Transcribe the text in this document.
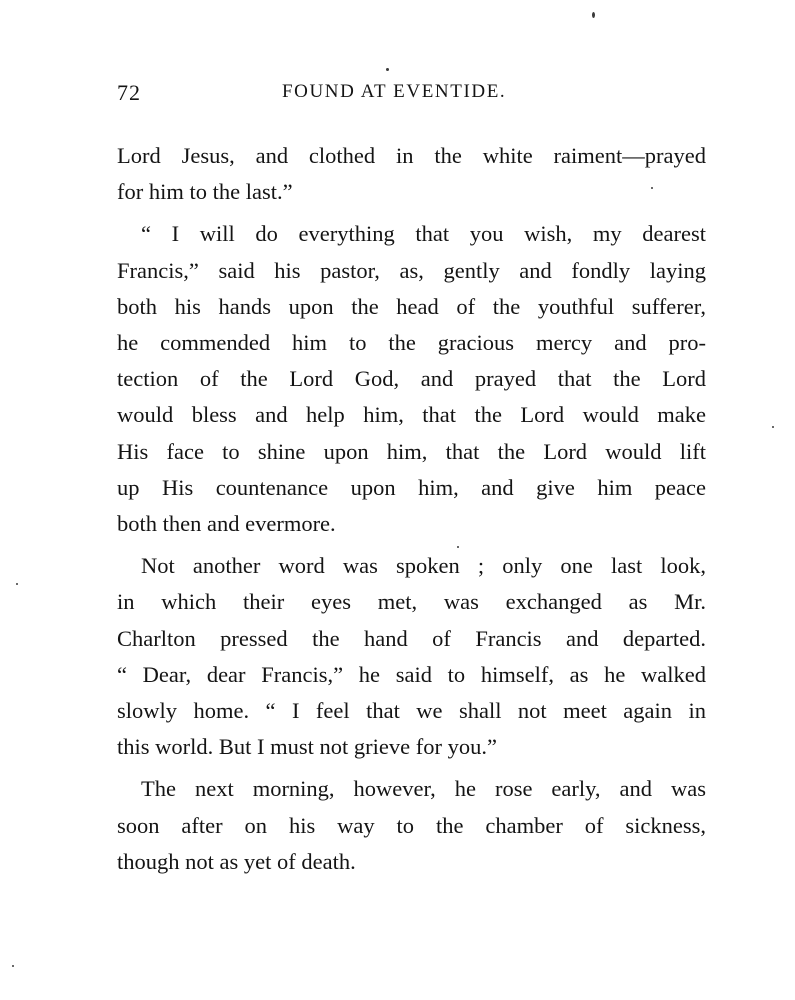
72	FOUND AT EVENTIDE.

Lord Jesus, and clothed in the white raiment—prayed
for him to the last.”

“ I will do everything that you wish, my dearest
Francis,” said his pastor, as, gently and fondly laying
both his hands upon the head of the youthful sufferer,
he commended him to the gracious mercy and pro-
tection of the Lord God, and prayed that the Lord
would bless and help him, that the Lord would make
His face to shine upon him, that the Lord would lift
up His countenance upon him, and give him peace
both then and evermore.

Not another word was spoken ; only one last look,
in which their eyes met, was exchanged as Mr.
Charlton pressed the hand of Francis and departed.
“ Dear, dear Francis,” he said to himself, as he walked
slowly home. “ I feel that we shall not meet again in
this world. But I must not grieve for you.”

The next morning, however, he rose early, and was
soon after on his way to the chamber of sickness,
though not as yet of death.
